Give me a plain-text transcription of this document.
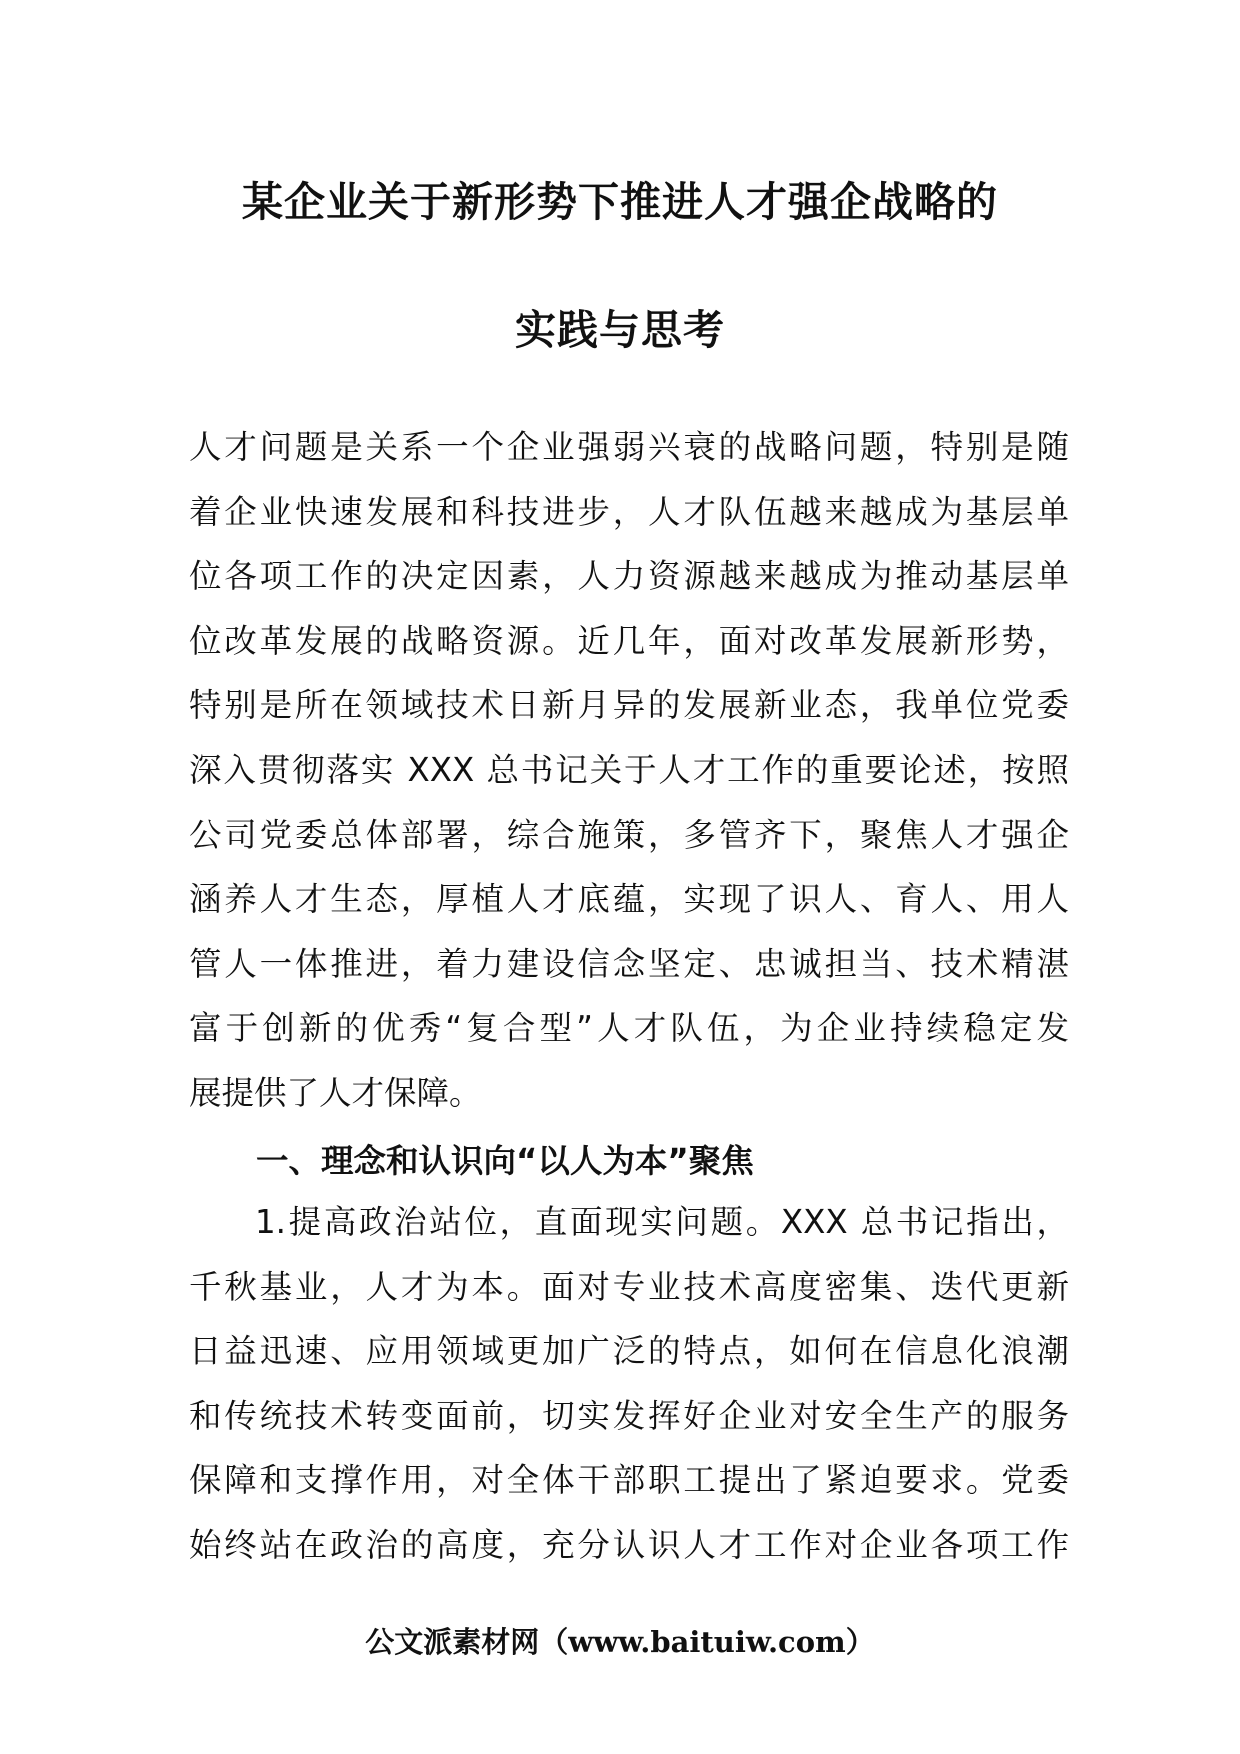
某企业关于新形势下推进人才强企战略的
实践与思考
人才问题是关系一个企业强弱兴衰的战略问题，特别是随
着企业快速发展和科技进步，人才队伍越来越成为基层单
位各项工作的决定因素，人力资源越来越成为推动基层单
位改革发展的战略资源。近几年，面对改革发展新形势，
特别是所在领域技术日新月异的发展新业态，我单位党委
深入贯彻落实 XXX 总书记关于人才工作的重要论述，按照
公司党委总体部署，综合施策，多管齐下，聚焦人才强企
涵养人才生态，厚植人才底蕴，实现了识人、育人、用人
管人一体推进，着力建设信念坚定、忠诚担当、技术精湛
富于创新的优秀“复合型”人才队伍，为企业持续稳定发
展提供了人才保障。
一、理念和认识向“以人为本”聚焦
1.提高政治站位，直面现实问题。XXX 总书记指出，
千秋基业，人才为本。面对专业技术高度密集、迭代更新
日益迅速、应用领域更加广泛的特点，如何在信息化浪潮
和传统技术转变面前，切实发挥好企业对安全生产的服务
保障和支撑作用，对全体干部职工提出了紧迫要求。党委
始终站在政治的高度，充分认识人才工作对企业各项工作
公文派素材网（www.baituiw.com）
